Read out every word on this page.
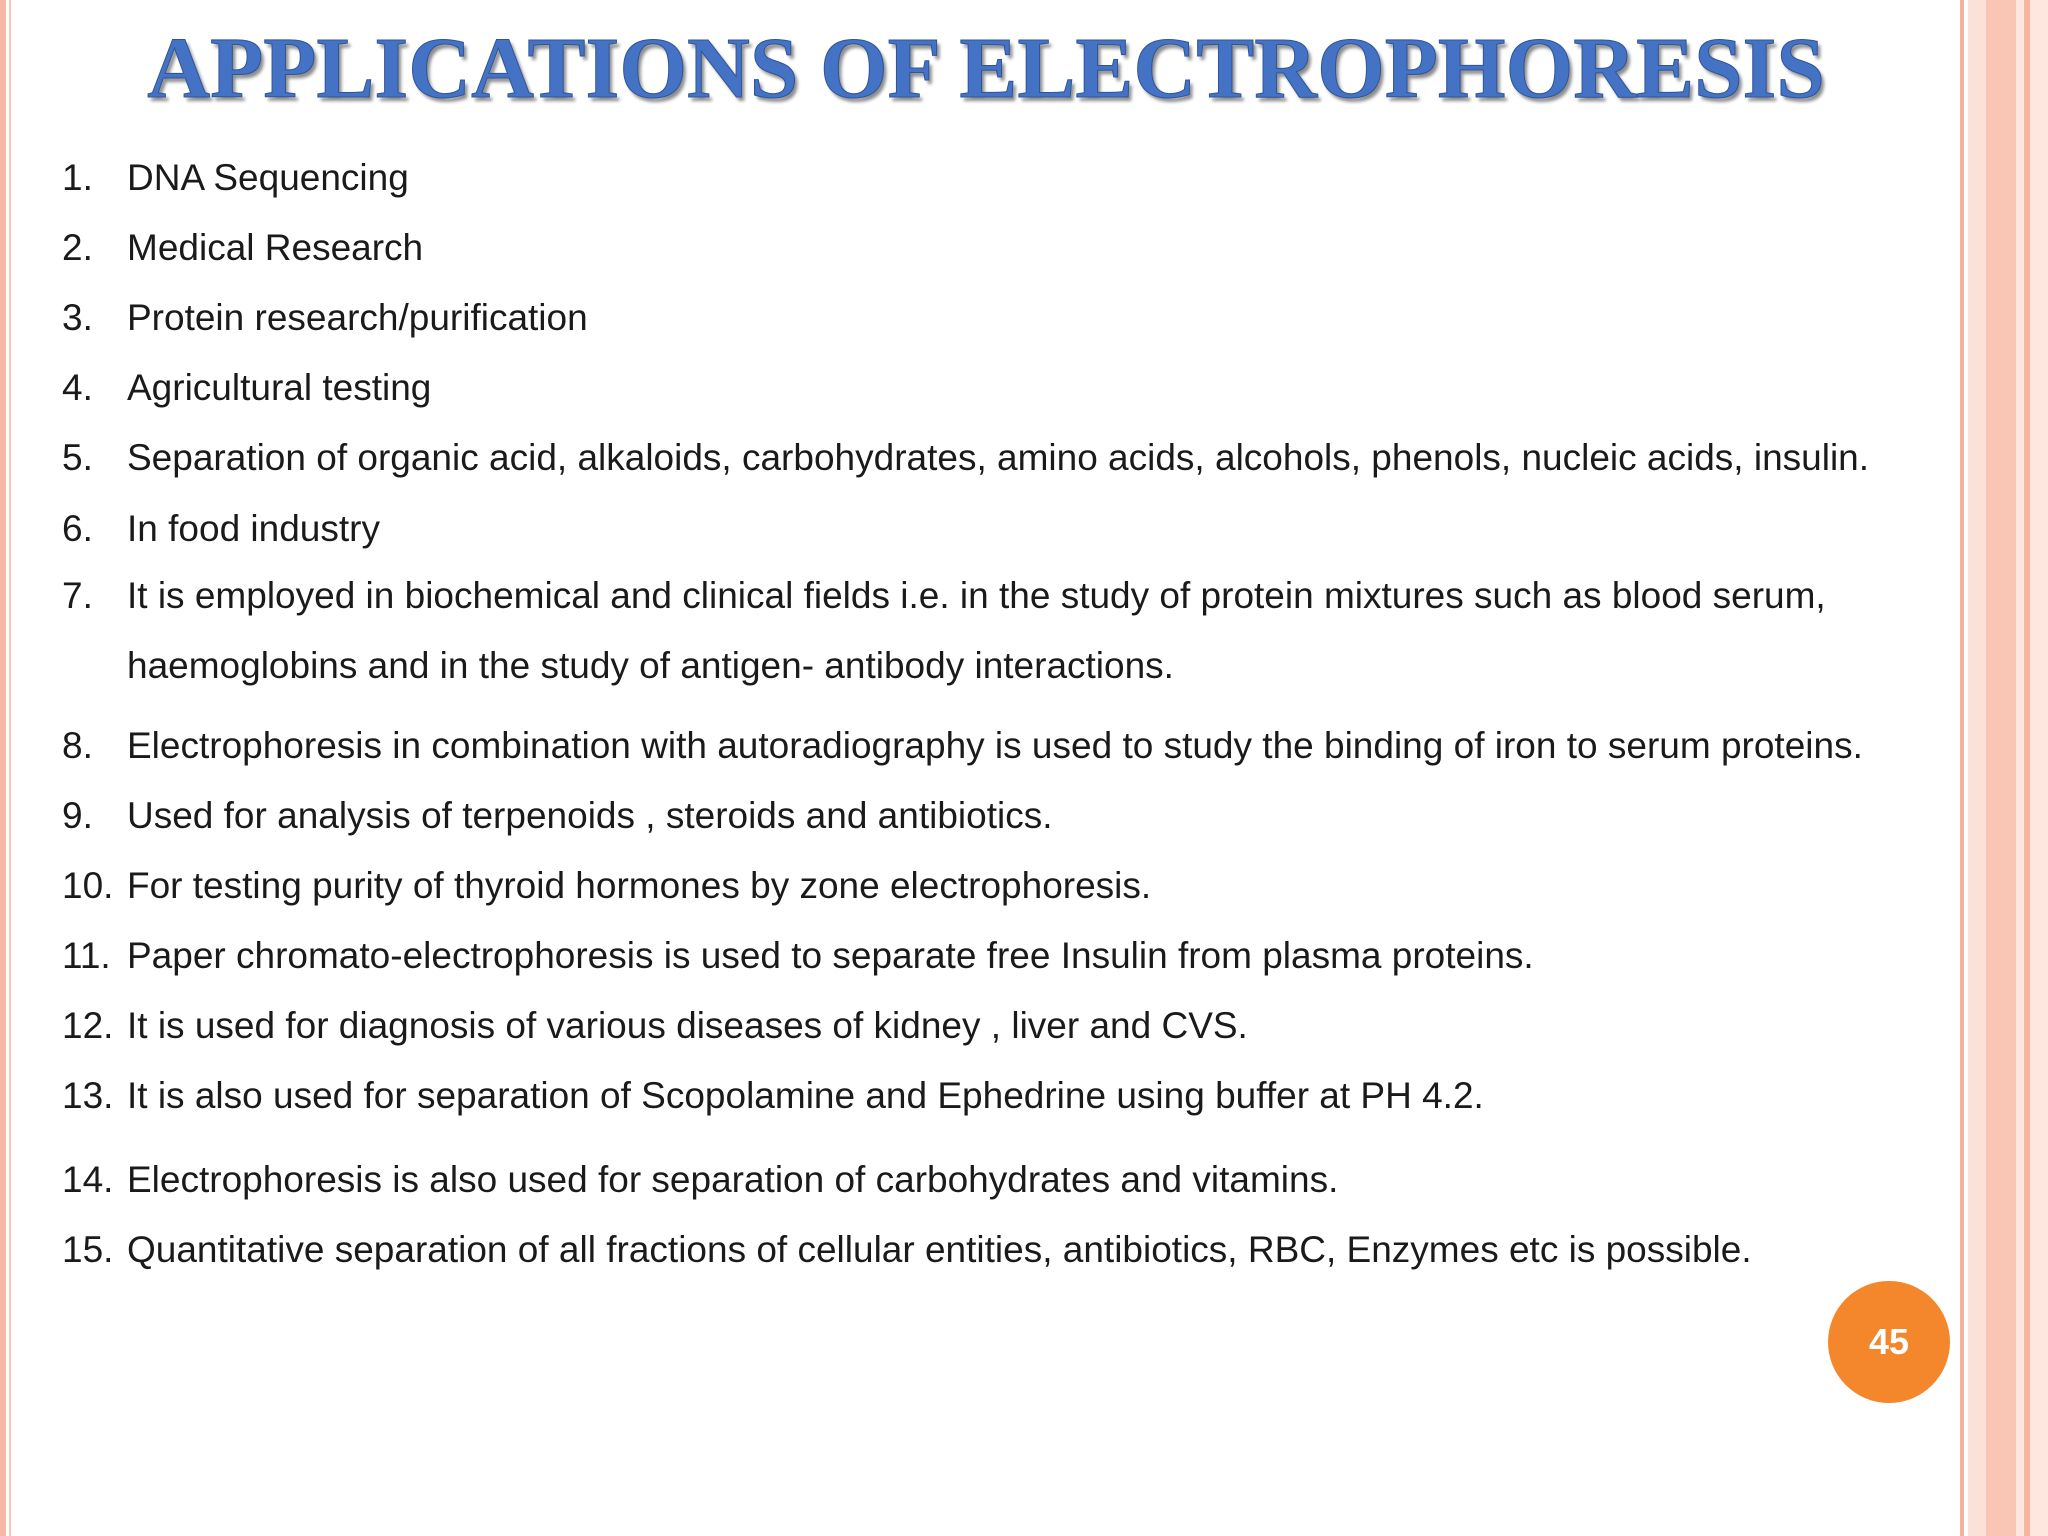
APPLICATIONS OF ELECTROPHORESIS
1. DNA Sequencing
2. Medical Research
3. Protein research/purification
4. Agricultural testing
5. Separation of organic acid, alkaloids, carbohydrates, amino acids, alcohols, phenols, nucleic acids, insulin.
6. In food industry
7. It is employed in biochemical and clinical fields i.e. in the study of protein mixtures such as blood serum, haemoglobins and in the study of antigen- antibody interactions.
8. Electrophoresis in combination with autoradiography is used to study the binding of iron to serum proteins.
9. Used for analysis of terpenoids , steroids and antibiotics.
10. For testing purity of thyroid hormones by zone electrophoresis.
11. Paper chromato-electrophoresis is used to separate free Insulin from plasma proteins.
12. It is used for diagnosis of various diseases of kidney , liver and CVS.
13. It is also used for separation of Scopolamine and Ephedrine using buffer at PH 4.2.
14. Electrophoresis is also used for separation of carbohydrates and vitamins.
15. Quantitative separation of all fractions of cellular entities, antibiotics, RBC, Enzymes etc is possible.
45
